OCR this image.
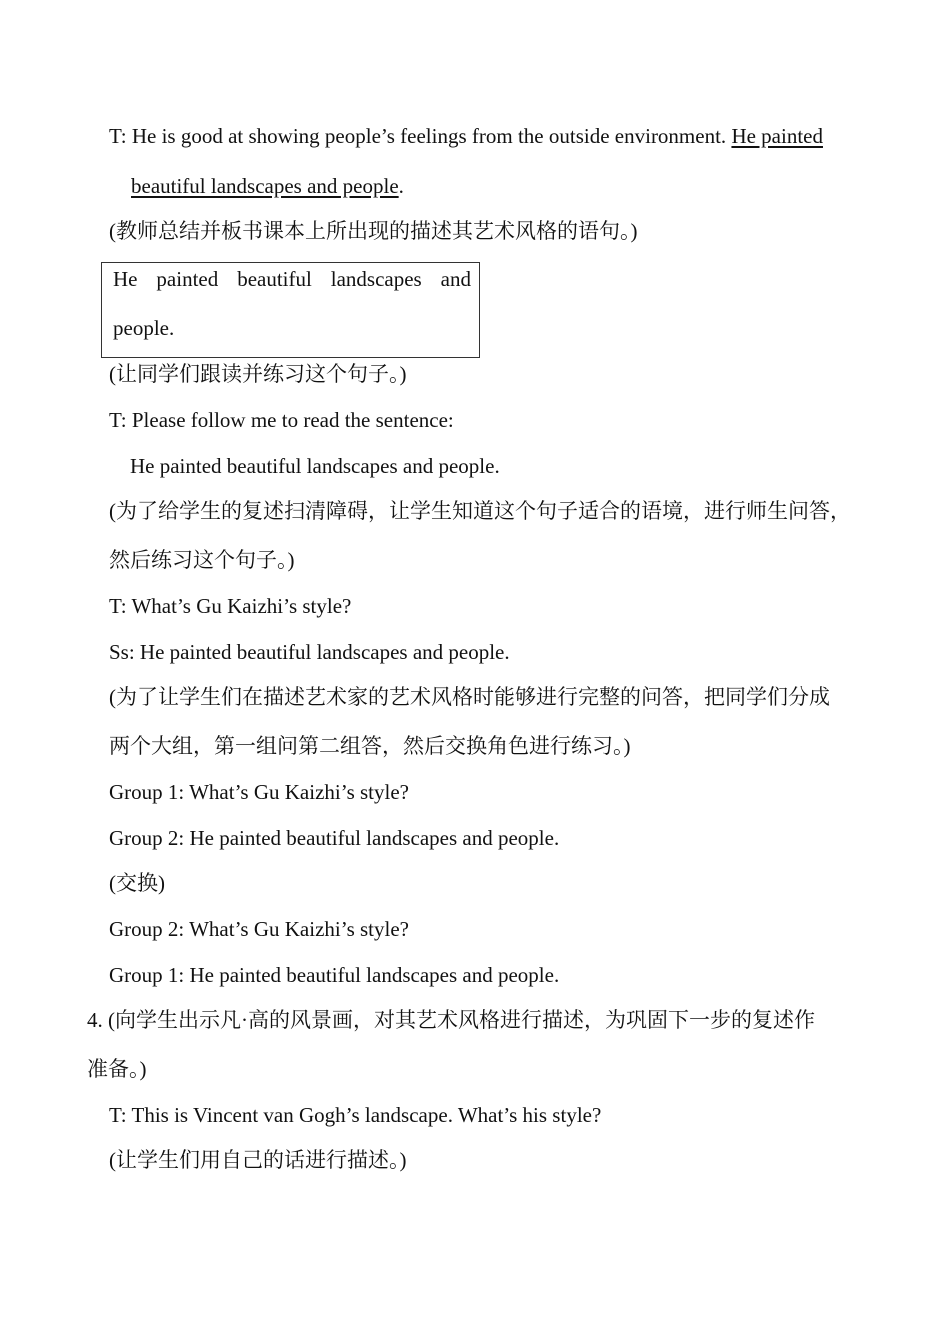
T: He is good at showing people’s feelings from the outside environment. He painted
beautiful landscapes and people.
(教师总结并板书课本上所出现的描述其艺术风格的语句。)
He painted beautiful landscapes and
people.
(让同学们跟读并练习这个句子。)
T: Please follow me to read the sentence:
He painted beautiful landscapes and people.
(为了给学生的复述扫清障碍，让学生知道这个句子适合的语境，进行师生问答，
然后练习这个句子。)
T: What’s Gu Kaizhi’s style?
Ss: He painted beautiful landscapes and people.
(为了让学生们在描述艺术家的艺术风格时能够进行完整的问答，把同学们分成
两个大组，第一组问第二组答，然后交换角色进行练习。)
Group 1: What’s Gu Kaizhi’s style?
Group 2: He painted beautiful landscapes and people.
(交换)
Group 2: What’s Gu Kaizhi’s style?
Group 1: He painted beautiful landscapes and people.
4. (向学生出示凡·高的风景画，对其艺术风格进行描述，为巩固下一步的复述作
准备。)
T: This is Vincent van Gogh’s landscape. What’s his style?
(让学生们用自己的话进行描述。)
